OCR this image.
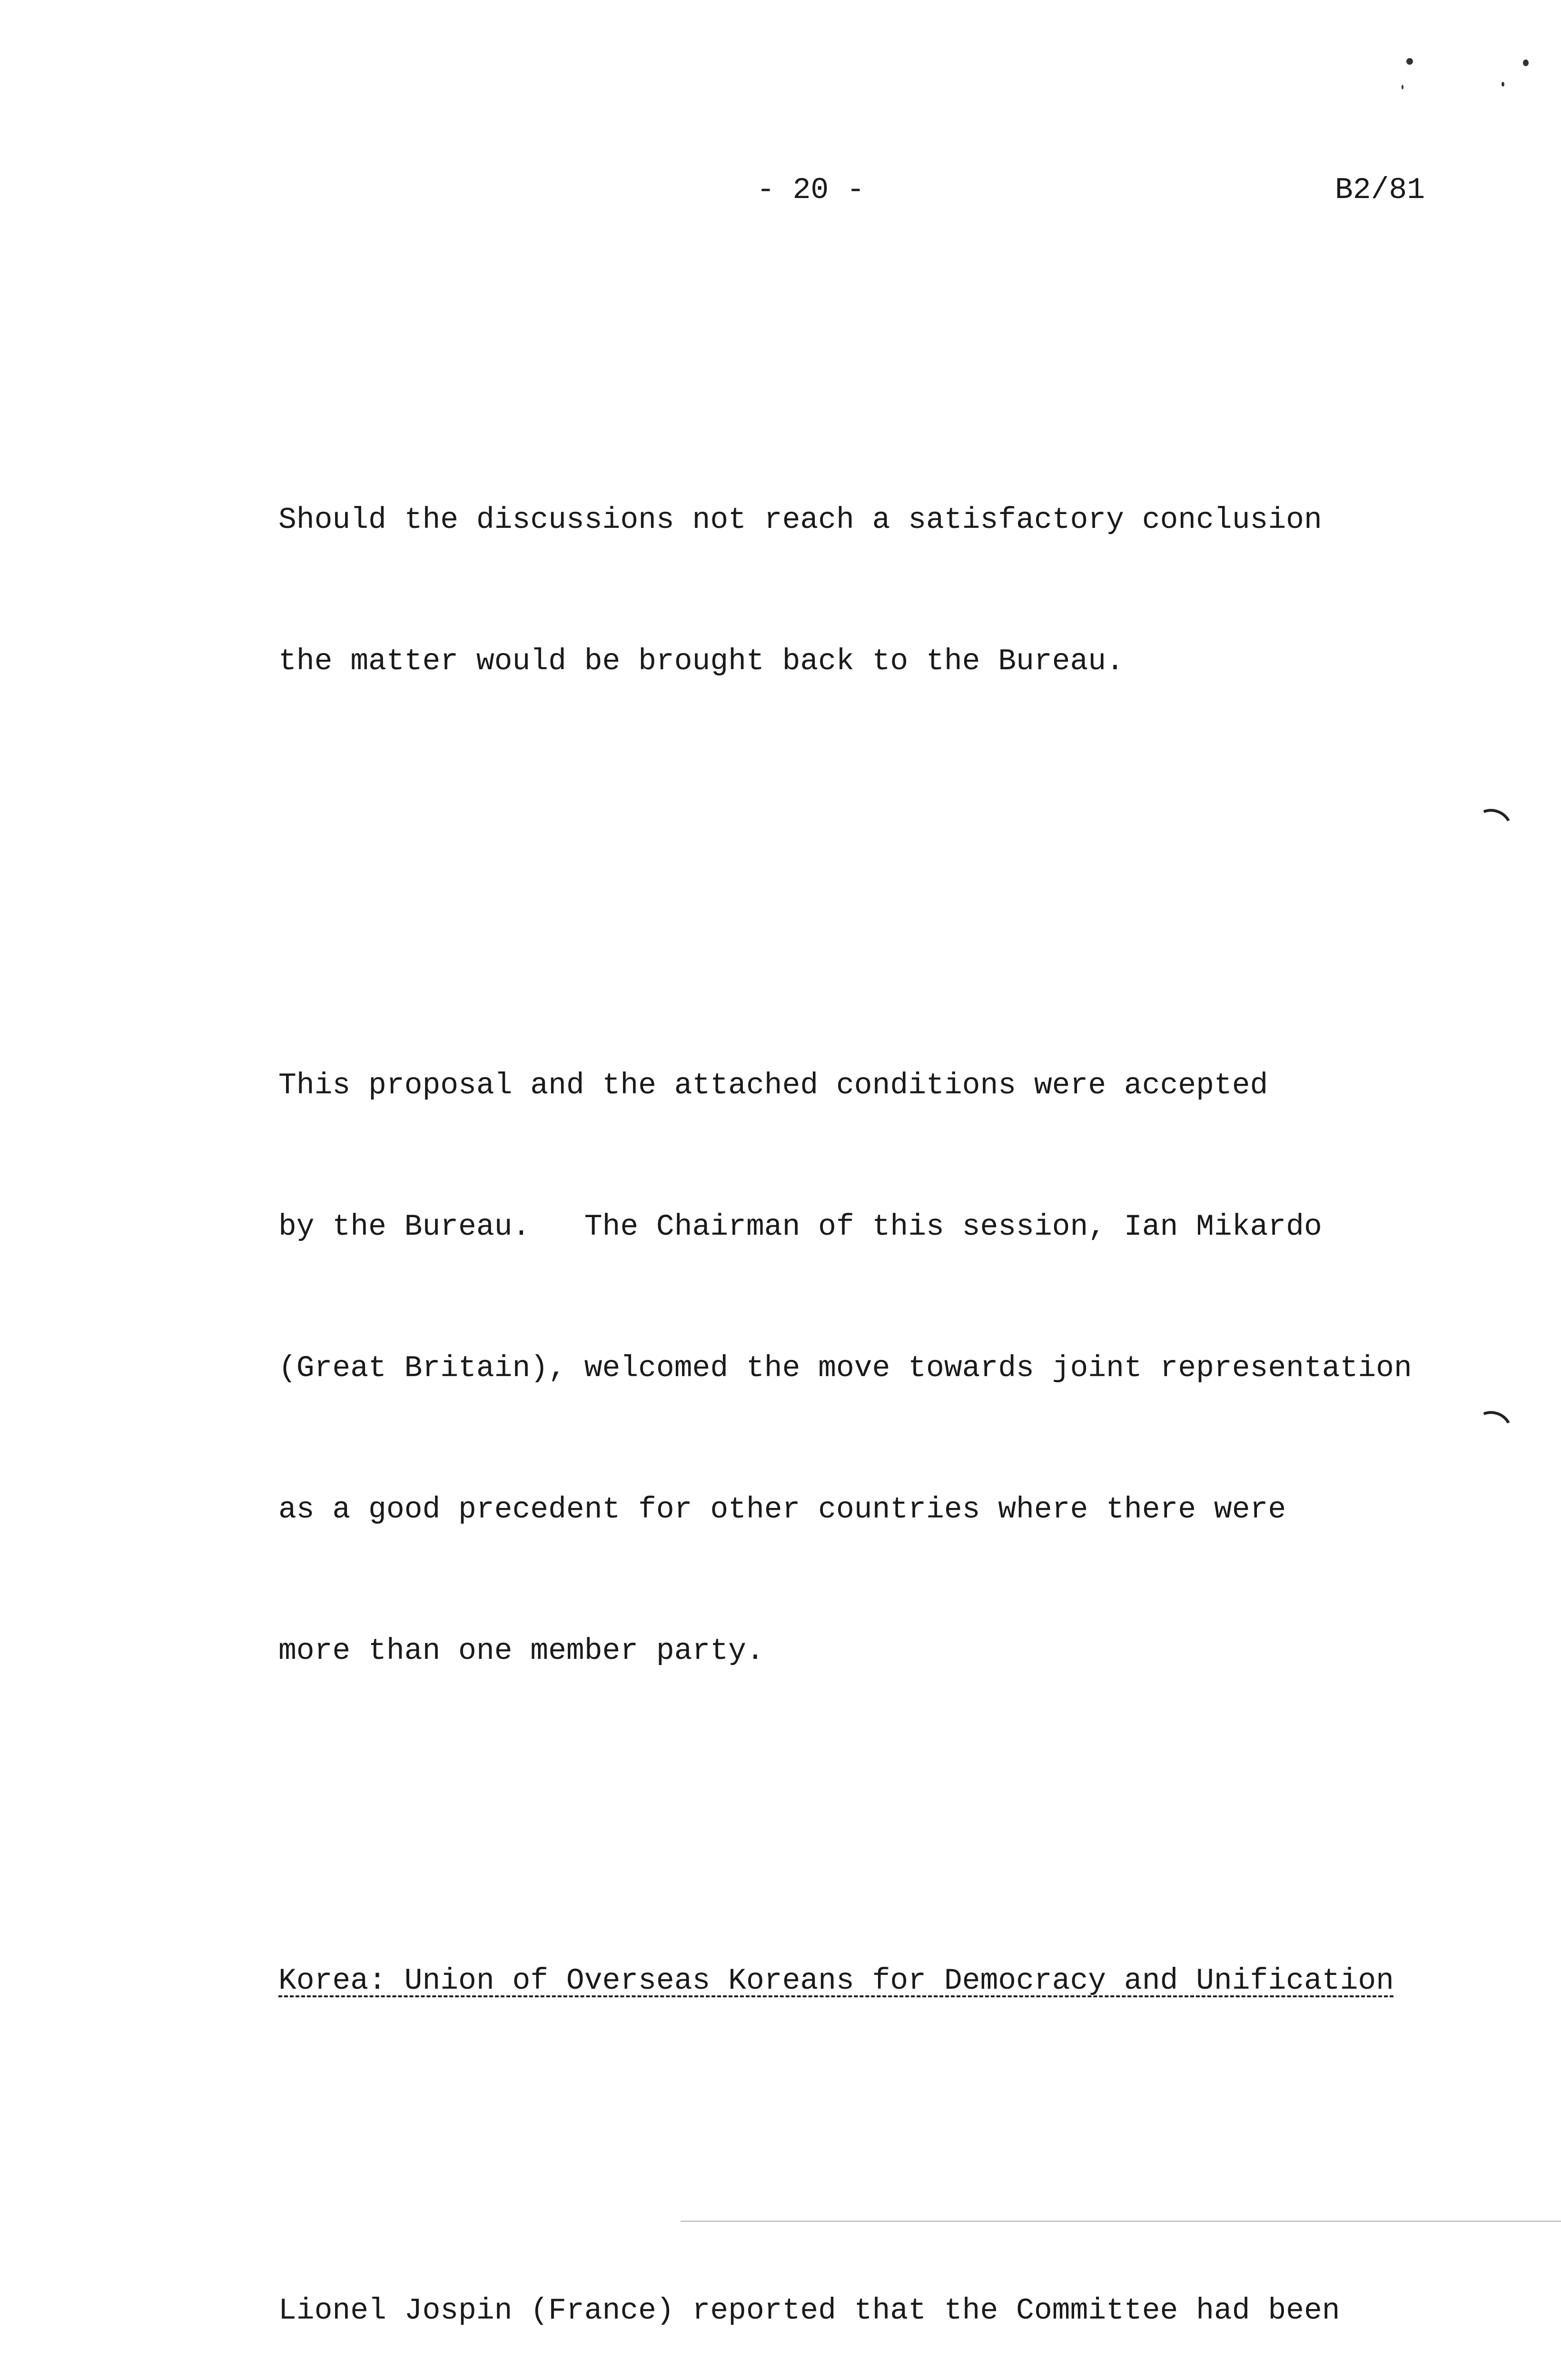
- 20 -	B2/81

Should the discussions not reach a satisfactory conclusion

the matter would be brought back to the Bureau.

This proposal and the attached conditions were accepted

by the Bureau.   The Chairman of this session, Ian Mikardo

(Great Britain), welcomed the move towards joint representation

as a good precedent for other countries where there were

more than one member party.

Korea: Union of Overseas Koreans for Democracy and Unification

Lionel Jospin (France) reported that the Committee had been
